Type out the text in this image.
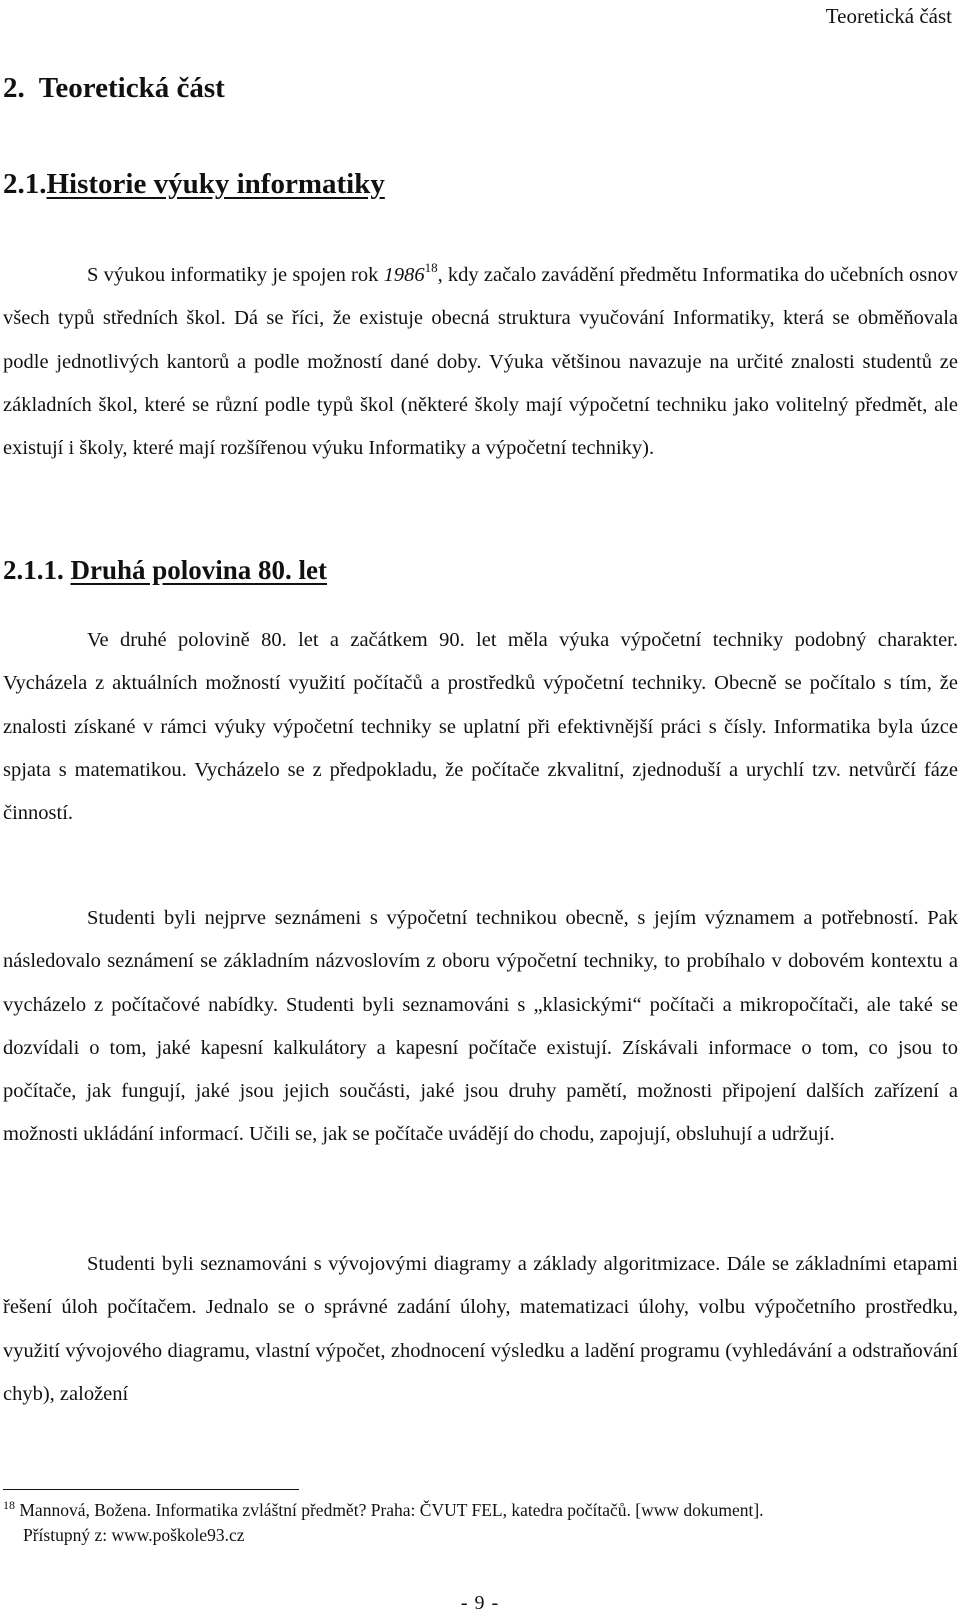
Teoretická část
2. Teoretická část
2.1.Historie výuky informatiky

S výukou informatiky je spojen rok 1986$^{18}$, kdy začalo zavádění předmětu Informatika do učebních osnov všech typů středních škol. Dá se říci, že existuje obecná struktura vyučování Informatiky, která se obměňovala podle jednotlivých kantorů a podle možností dané doby. Výuka většinou navazuje na určité znalosti studentů ze základních škol, které se různí podle typů škol (některé školy mají výpočetní techniku jako volitelný předmět, ale existují i školy, které mají rozšířenou výuku Informatiky a výpočetní techniky).

2.1.1. Druhá polovina 80. let

Ve druhé polovině 80. let a začátkem 90. let měla výuka výpočetní techniky podobný charakter. Vycházela z aktuálních možností využití počítačů a prostředků výpočetní techniky. Obecně se počítalo s tím, že znalosti získané v rámci výuky výpočetní techniky se uplatní při efektivnější práci s čísly. Informatika byla úzce spjata s matematikou. Vycházelo se z předpokladu, že počítače zkvalitní, zjednoduší a urychlí tzv. netvůrčí fáze činností.

Studenti byli nejprve seznámeni s výpočetní technikou obecně, s jejím významem a potřebností. Pak následovalo seznámení se základním názvoslovím z oboru výpočetní techniky, to probíhalo v dobovém kontextu a vycházelo z počítačové nabídky. Studenti byli seznamováni s „klasickými“ počítači a mikropočítači, ale také se dozvídali o tom, jaké kapesní kalkulátory a kapesní počítače existují. Získávali informace o tom, co jsou to počítače, jak fungují, jaké jsou jejich součásti, jaké jsou druhy pamětí, možnosti připojení dalších zařízení a možnosti ukládání informací. Učili se, jak se počítače uvádějí do chodu, zapojují, obsluhují a udržují.

Studenti byli seznamováni s vývojovými diagramy a základy algoritmizace. Dále se základními etapami řešení úloh počítačem. Jednalo se o správné zadání úlohy, matematizaci úlohy, volbu výpočetního prostředku, využití vývojového diagramu, vlastní výpočet, zhodnocení výsledku a ladění programu (vyhledávání a odstraňování chyb), založení

$^{18}$ Mannová, Božena. Informatika zvláštní předmět? Praha: ČVUT FEL, katedra počítačů. [www dokument].
Přístupný z: www.poškole93.cz

- 9 -
